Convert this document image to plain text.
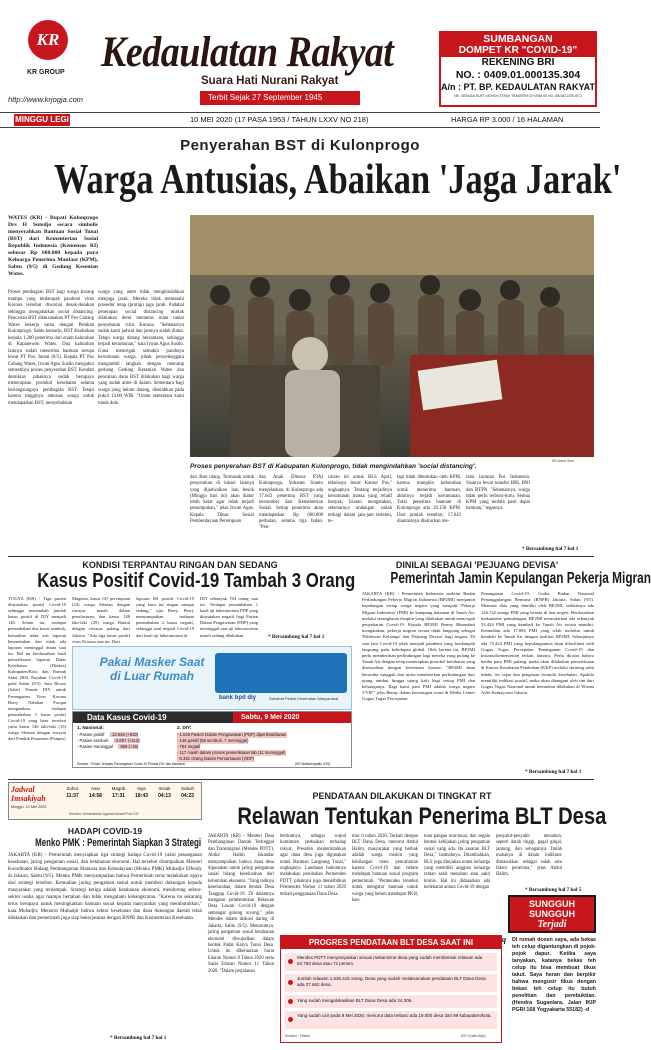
KR
KR GROUP
http://www.krjogja.com
Kedaulatan Rakyat
Suara Hati Nurani Rakyat
Terbit Sejak 27 September 1945
SUMBANGAN
DOMPET KR "COVID-19"
REKENING BRI
NO. : 0409.01.000135.304
A/n : PT. BP. KEDAULATAN RAKYAT
NB : SEBAGAI BUKTI MOHON STRUK TRANSFER DI KIRIM KE NO. WA 082.2295.3972
MINGGU LEGI	10 MEI 2020 (17 PASA 1953 / TAHUN LXXV NO 218)	HARGA RP 3.000 / 16 HALAMAN
Penyerahan BST di Kulonprogo
Warga Antusias, Abaikan 'Jaga Jarak'
WATES (KR) - Bupati Kulonprogo Drs H Sutedjo secara simbolis menyerahkan Bantuan Sosial Tunai (BST) dari Kementerian Sosial Republik Indonesia (Kemensos RI) sebesar Rp 600.000 kepada para Keluarga Penerima Manfaat (KPM), Sabtu (9/5) di Gedung Kesenian Wates.
Proses pembagian BST bagi warga kurang mampu yang terdampak pandemi virus Korona tersebut diwarnai desak-desakan sehingga mengabaikan social distancing. Pencairan BST dilaksanakan PT Pos Cabang Wates bekerja sama dengan Pemkab Kulonprogo. Sabtu kemarin, BST disalurkan kepada 1.200 penerima dari enam kalurahan di Kapanewon Wates. Dua kalurahan lainnya sudah menerima bantuan serupa lewat PT Pos, Jumat (8/5). Kepala PT Pos Cabang Wates, Irwan Agus Susilo mengakui semestinya proses penyerahan BST. Kendati demikian pihaknya sudah berupaya menerapkan protokol kesehatan selama berlangsungnya pembagian BST. Tetapi karena tingginya antusias warga untuk mendapatkan BST, menyebabkan
warga yang antre tidak menghindahkan menjaga jarak. Mereka tidak mematuhi prosedur tetap (protap) jaga jarak. Padahal penerapan social distancing mutlak dilakukan demi memutus mata rantai penyebaran virus Korona. "Sebenarnya sudah kami jadwal dan jamnya sudah diatur. Tetapi warga datang bersamaan, sehingga terjadi kerumunan," kata Irwan Agus Susilo. Guna mencegah semakin parahnya kerumunan warga, pihak penyelenggara mengambil langkah dengan menutup gerbang Gedung Kesenian Wates dan pencairan dana BST dilakukan bagi warga yang sudah antre di dalam. Sementara bagi warga yang belum datang, diserahkan pada pukul 14.00 WIB. "Untuk sementara kami tunda dulu
KR-Asrul Sani
Proses penyerahan BST di Kabupaten Kulonprogo, tidak mengindahkan 'social distancing'.
dan diset ulang. Termasuk untuk penyerahan di lokasi lainnya yang dijadwalkan lain besok (Minggu hari ini) akan diatur lebih ketat agar tidak terjadi penumpukan," jelas Irwan Agus. Kepala Dinas Sosial Pemberdayaan Perempuan
dan Anak (Dinsos P3A) Kulonprogo, Yohanes Irianto menjelaskan, di Kulonprogo ada 17.643 penerima BST yang bersumber dari Kementerian Sosial. Setiap penerima akan mendapatkan Rp 600.000 perbulan, selama tiga bulan. "Pen-
cairan ini untuk BLS April, teknisnya lewat Kantor Pos," ungkapnya. Tentang terjadinya kerumunan massa yang relatif banyak, Irianto mengatakan, sebenarnya undangan sudah terbagi dalam jam-jam tertentu, te-
tapi tidak ditentukan oleh KPM, karena mungkin kebutuhan untuk menerima bantuan, akhirnya terjadi kerumunan. Total penerima bantuan di Kulonprogo ada 20.158 KPM. Dari jumlah tersebut, 17.643 diantaranya disalurkan me-
lalui layanan Pos Indonesia. Sisanya lewat transfer BRI, BNI dan BTPN. "Sebenarnya, warga tidak perlu terburu-buru. Semua KPM yang terdata pasti dapat bantuan," tegasnya.
* Bersambung hal 7 kol 1
KONDISI TERPANTAU RINGAN DAN SEDANG
Kasus Positif Covid-19 Tambah 3 Orang
YOGYA (KR) - Tiga pasien dinyatakan positif Covid-19 sehingga menambah jumlah kasus positif di DIY menjadi 146. Selain itu, terdapat penambahan dua kasus sembuh, kemudian tidak ada laporan kesembuhan dan tidak ada laporan meninggal dunia saat ini. Hal ini berdasarkan hasil pemeriksaan laporan Dinas Kesehatan (Dinkes) Kabupaten/Kota dan Rumah Sakit (RS) Rujukan Covid-19 pada Sabtu (9/5). Juru Bicara (Jubir) Pemda DIY untuk Penanganan Virus Korona Berry Nahdian Forqan mengatakan, terdapat penambahan 3 kasus positif Covid-19 yang baru tersebut yaitu kasus 146 laki-laki (15) warga Sleman dengan riwayat dari Pondok Pesantren (Ponpes)
Magetan, kasus 147 perempuan (24) warga Sleman dengan riwayat masih dalam penelusuran, dan kasus 148 laki-laki (29) warga Bantul dengan riwayat pulang dari Jakarta. "Ada tiga kasus positif virus Korona saat ini. Dari
laporan RS positif Covid-19 yang baru ini ringan sampai sedang," ujar Berry. Berry menyampaikan terdapat penambahan 2 kasus negatif, sehingga total negatif Covid-19 dari hasil uji laboratorium di
DIY sebanyak 784 orang saat ini. Terdapat penambahan 1 hasil uji laboratorium PDP yang dinyatakan negatif bagi Pasien Dalam Pengawasan (PDP) yang meninggal saat uji laboratorium masih sedang dilakukan.	* Bersambung hal 7 kol 1
Pakai Masker Saat di Luar Rumah
bank bpd diy	Sahabat Peduli Kesehatan Masyarakat
Data Kasus Covid-19	Sabtu, 9 Mei 2020
1. Nasional:
- Pasien positif : 13.645 (+533)
- Pasien sembuh : 2.607 (+113)
- Pasien meninggal : 959 (+16)
2. DIY:
- 1.049 Pasien Dalam Pengawasan (PDP) diperiksa/diwaw.
- 146 positif (59 sembuh, 7 meninggal)
- 784 negatif
- 117 masih dalam proses pemeriksaan lab (11 meninggal)
- 5.391 Orang Dalam Pemantauan (ODP)
Sumber : Posko Terpadu Penanganan Covid-19 Pemda DIY dan Nasional.	(KR-Naskah/grafis JOS)
DINILAI SEBAGAI 'PEJUANG DEVISA'
Pemerintah Jamin Kepulangan Pekerja Migran
JAKARTA (KR) - Pemerintah Indonesia melalui Badan Perlindungan Pekerja Migran Indonesia (BP2MI) menjamin kepulangan setiap warga negara yang menjadi 'Pekerja Migran Indonesia' (PMI) ke kampung halaman di Tanah Air, melalui serangkaian disiplin yang dilakukan untuk mencegah penyebaran Covid-19. Kepala BP2MI Benny Rhamdani mengatakan, pekerja migran secara tidak langsung sebagai 'Pahlawan Keluarga' dan 'Pejuang Devisa' bagi negara. Di saat lain Covid-19 telah menjadi pandemi yang berdampak langsung pada kehidupan global. Oleh karena itu, BP2MI perlu memberikan perlindungan bagi mereka yang pulang ke Tanah Air dengan tetap menerapkan protokol kesehatan yang disesuaikan dengan ketentuan karena. "BP2MI akan berusaha sungguh dan nyata memberikan perlindungan dari ujung rambut hingga ujung kaki bagi setiap PMI dan keluarganya. Bagi kami para PMI adalah warga negara VVIP," jelas Benny dalam keterangan resmi di Media Center Gugus Tugas Percepatan
Penanganan Covid-19, Graha Badan Nasional Penanggulangan Bencana (BNPB) Jakarta, Sabtu (9/5). Menurut data yang dimiliki oleh BP2MI, sedikitnya ada 126.742 tenaga PMI yang berada di luar negeri. Berdasarkan mekanisme pemulangan, BP2MI mencatatkan ada sebanyak 33.434 PMI yang kembali ke Tanah Air secara mandiri. Kemudian ada 17.884 PMI yang telah terdaftar untuk kembali ke Tanah Air dengan fasilitas BP2MI. Selanjutnya ada 75.424 PMI yang kepulangannya akan difasilitasi oleh Gugus Tugas Percepatan Penanganan Covid-19 dan instansi/kementerian terkait lainnya. Perlu dicatat bahwa ketika para PMI pulang, maka akan dilakukan pemeriksaan di Kantor Kesehatan Pelabuhan (KKP) melalui skrining suhu tubuh, tes cepat dan pengisian formulir kesehatan. Apabila memiliki indikasi positif, maka akan ditangani oleh tim dari Gugus Tugas Nasional untuk kemudian dilakukan di Wisma Atlet Kemayoran Jakarta.
* Bersambung hal 7 kol 1
Jadwal Imsakiyah
Minggu, 10 Mei 2020
Zuhur
11:37
Asar
14:58
Magrib
17:31
Isya
18:43
Imsak
04:13
Subuh
04:23
Sumber: Kementerian Agama Kanwil Prov DIY
HADAPI COVID-19
Menko PMK : Pemerintah Siapkan 3 Strategi
JAKARTA (KR) - Pemerintah menyiapkan tiga strategi hadapi Covid-19 yakni penanganan kesehatan, jaring pengaman sosial, dan ketahanan ekonomi. Hal tersebut disampaikan Menteri Koordinator Bidang Pembangunan Manusia dan Kebudayaan (Menko PMK) Muhadjir Effendy di Jakarta, Sabtu (9/5). Menko PMK menyampaikan bahwa Pemerintah terus melakukan upaya dari strategi tersebut. Kemudian jaring pengaman sosial untuk memberi dukungan kepada masyarakat yang terdampak. Strategi ketiga adalah ketahanan ekonomi, mendorong sektor-sektor usaha agar mampu bertahan dan tidak mengalami kebangkrutan. "Karena itu sekarang terus berupaya untuk meningkatkan bantuan sosial kepada masyarakat yang membutuhkan," kata Muhadjir. Menurut Muhadjir bahwa sektor kesehatan dan dana dukungan daerah telah dilakukan dan pemerintah juga siap bekerjasama dengan BNPB dan Kementerian Kesehatan.
* Bersambung hal 7 kol 1
PENDATAAN DILAKUKAN DI TINGKAT RT
Relawan Tentukan Penerima BLT Desa
JAKARTA (KR) - Menteri Desa Pembangunan Daerah Tertinggal dan Transmigrasi (Mendes PDTT), Abdul Halim Iskandar menyampaikan bahwa dana desa digunakan untuk jaring pengaman sosial bilang keselurahan dari kebutuhan ekonomi. "Yang tadinya keselurahan, dalam bentuk Desa Tanggap Covid-19. Di dalamnya mengatur pembentukan Relawan Desa Lawan Covid-19 dengan semangat gotong royong," jelas Mendes dalam diskusi daring di Jakarta, Sabtu (9/5). Menurutnya, jaring pengaman sosial ketahanan ekonomi diwujudkan dalam bentuk Padat Karya Tunai Desa. Untuk itu dikeluarkan Surat Edaran Nomor 8 Tahun 2020 serta Surat Edaran Nomor 11 Tahun 2020. "Dalam perjalanan
berikutnya, sebagai wujud komitmen perbaikan terhadap rakyat, Presiden memerintahkan agar dana desa juga digunakan untuk Bantuan Langsung Tunai," ungkapnya. Landasan hukumnya melakukan perubahan Permendes PDTT, pihaknya juga menerbitkan Permendes Nomor 11 tahun 2020 terkait penggunaan Dana Desa.
mor 6 tahun 2020. Terkait dengan BLT Dana Desa, menurut Abdul Halim, masyarakat yang berhak adalah warga miskin yang kehilangan mata pencaharian karena Covid-19 dan belum mendapat bantuan sosial program pemerintah. "Permendes tersebut untuk mengatur bantuan untuk warga yang belum mendapat PKH, ban-
tuan pangan non-tunai, dan segala bentuk kebijakan jaring pengaman sosial yang ada. Itu sasaran BLT Desa," tambahnya. Ditambahkan, BLS juga ditujukan untuk keluarga yang memiliki anggota keluarga rentan sakit menahun atau sakit kronis. Hal ini didasarkan ada kedekatan antara Covid-19 dengan
penyakit-penyakit menahun, seperti darah tinggi, gagal ginjal, jantung, dan sebagainya. Itulah makanya di dalam indikator dimasukkan sebagai salah satu faktor penerima," jelas Abdul Halim.
* Bersambung hal 7 kol 5
PROGRES PENDATAAN BLT DESA SAAT INI
Mendes PDTT menyampaikan sesuai mekanisme desa yang sudah membentuk relawan ada 63.793 desa atau 72 persen.
Jumlah relawan 1.535.415 orang. Desa yang sudah melaksanakan pendataan BLT Dana Desa ada 27.662 desa.
Yang sudah mengalokasikan BLT Dana Desa ada 24.305.
Yang sudah cair pada 8 Mei 2020, menurut data terbaru ada 19.000 desa dari 89 kabupaten/kota.
Sumber : Tirtakh	(KR-Grafis Adjo)
SUNGGUH
SUNGGUH
Terjadi
q DI rumah dosen saya, ada bekas teh celup digantungkan di pojok-pojok dapur. Ketika saya tanyakan, katanya bekas teh celup itu bisa membuat tikus takut. Saya heran dan berpikir bahwa mengusir tikus dengan bekas teh celup itu butuh penelitian dan pembuktian. (Hendra Suganlara, Jalan IKIP PGRI 168 Yogyakarta 55182) -d
